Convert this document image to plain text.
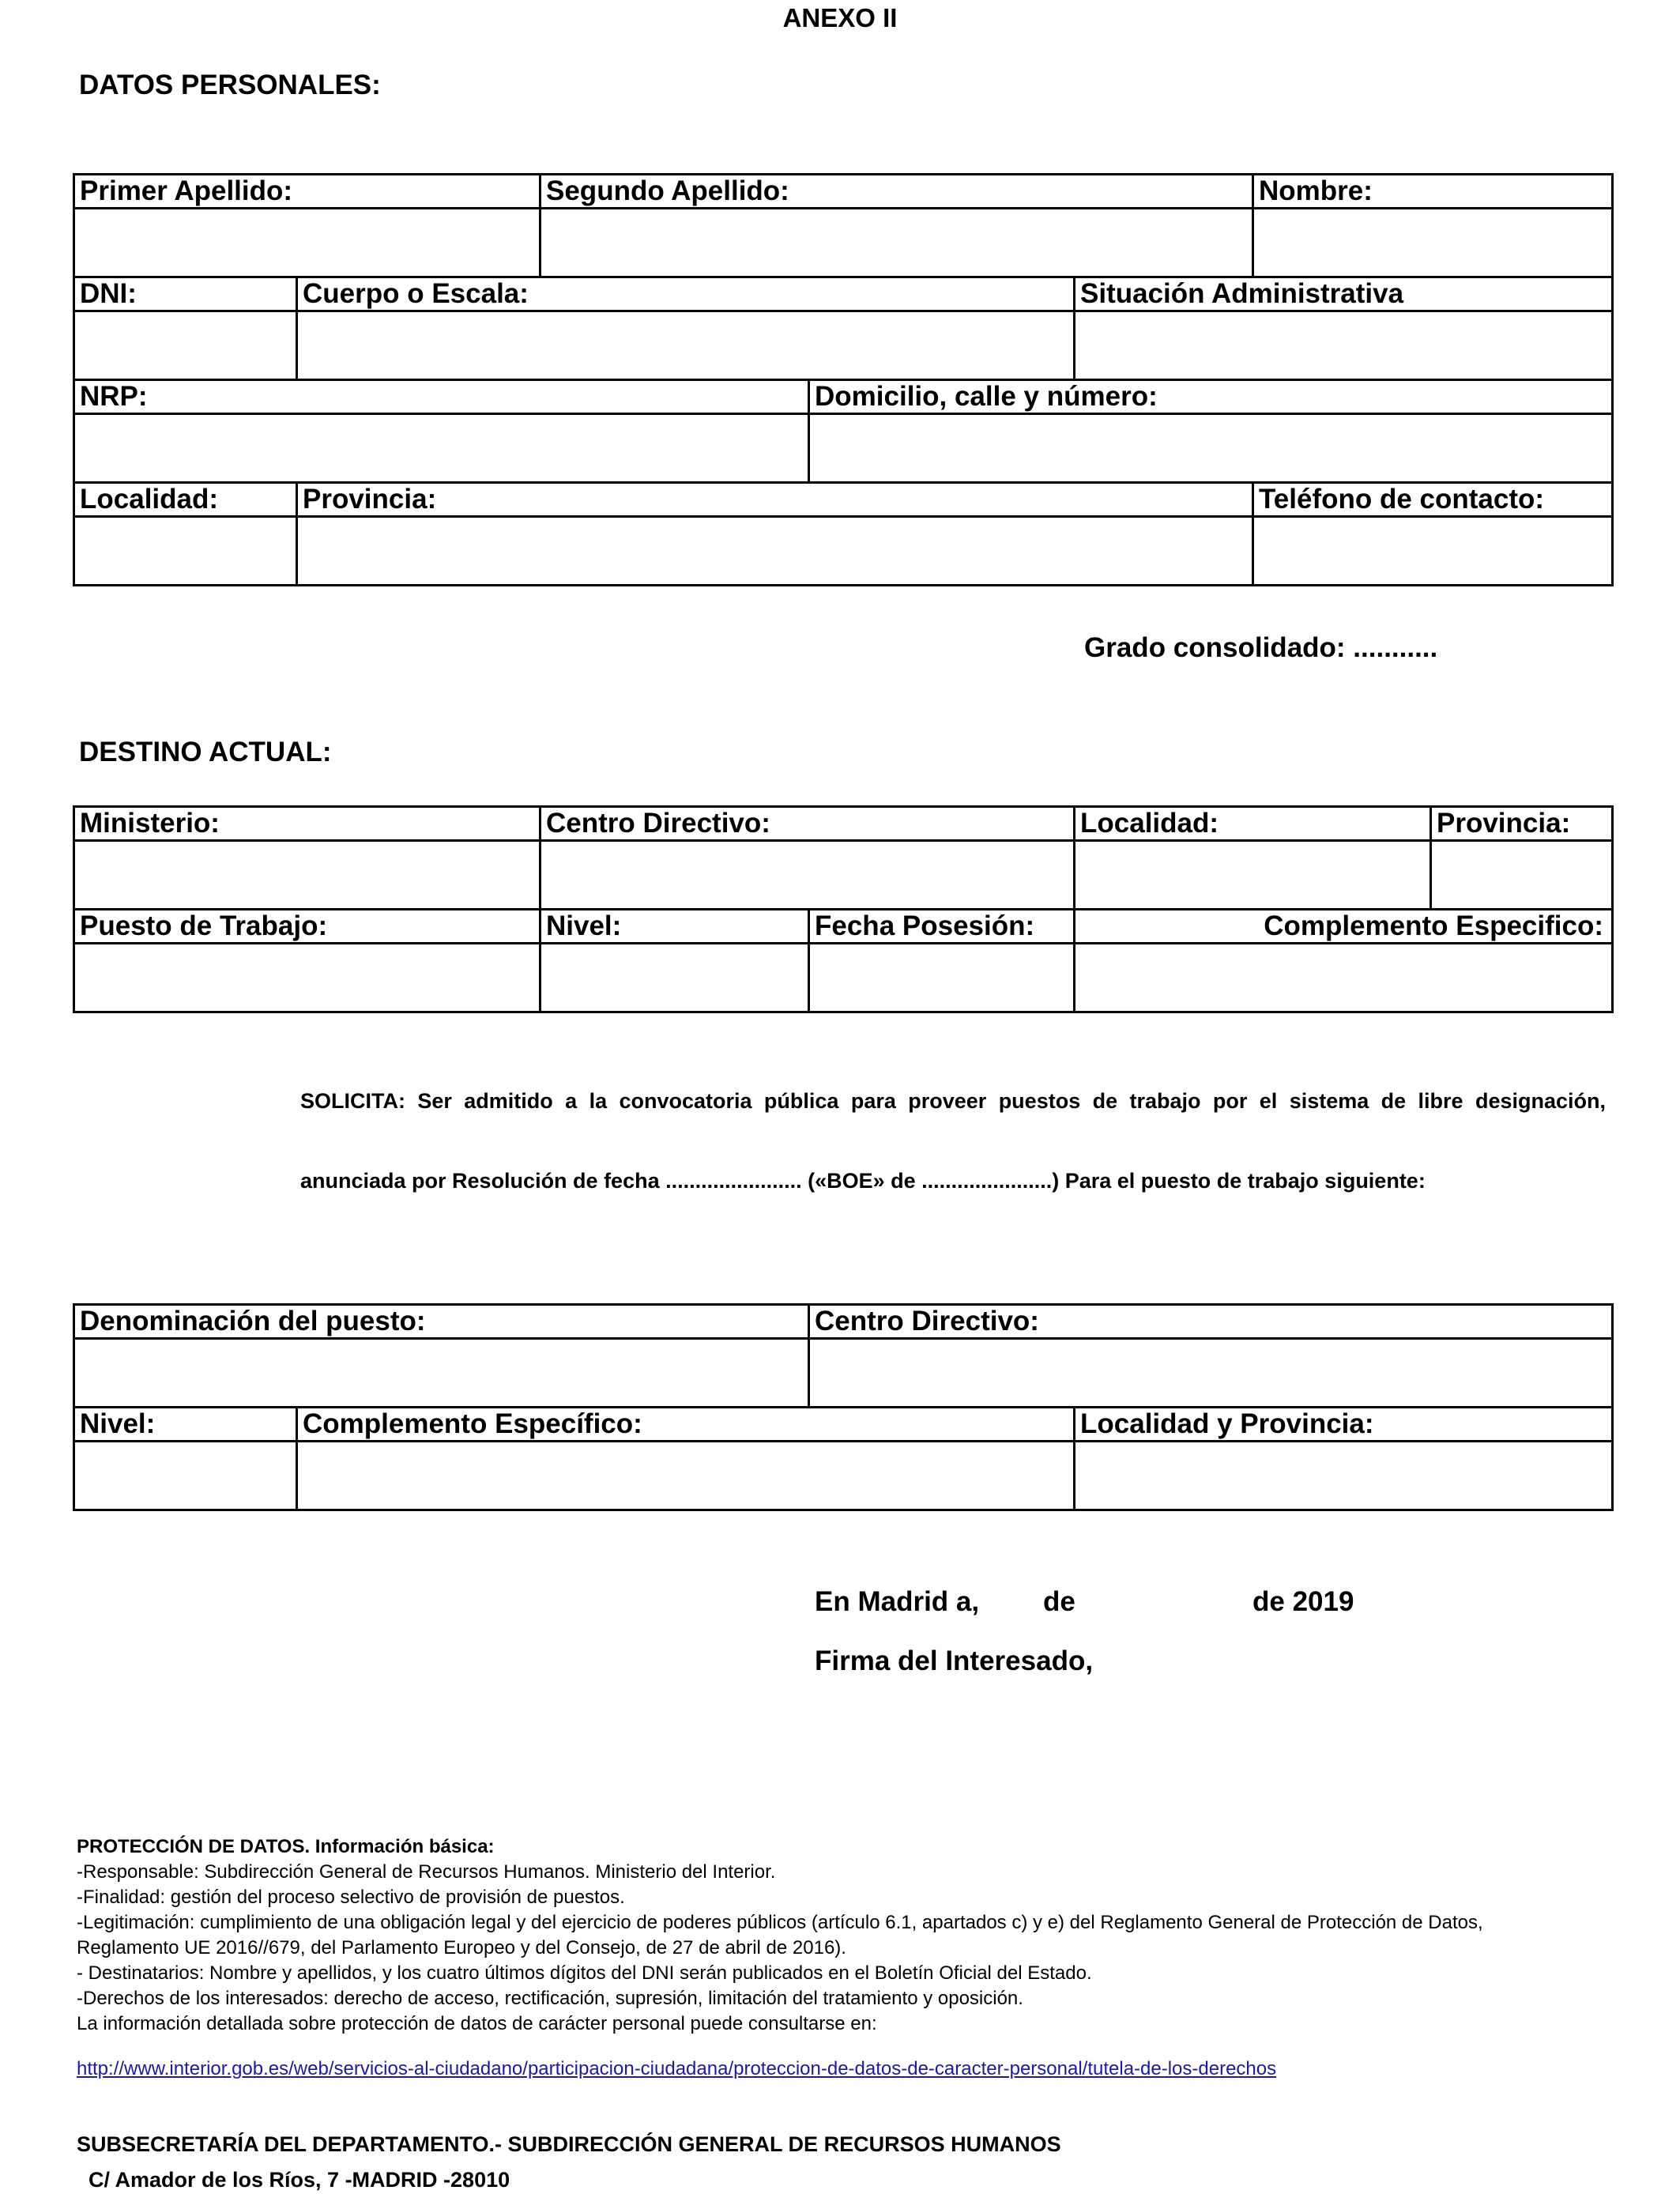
ANEXO II
DATOS PERSONALES:
Primer Apellido:		Segundo Apellido:			Nombre:

DNI:	Cuerpo o Escala:			Situación Administrativa	

NRP:			Domicilio, calle y número:		

Localidad:	Provincia:				Teléfono de contacto:

Grado consolidado: ...........
DESTINO ACTUAL:
Ministerio:	Centro Directivo:		Localidad:	Provincia:

Puesto de Trabajo:	Nivel:	Fecha Posesión:	Complemento Especifico:	

SOLICITA: Ser admitido a la convocatoria pública para proveer puestos de trabajo por el sistema de libre designación,
anunciada por Resolución de fecha ....................... («BOE» de ......................) Para el puesto de trabajo siguiente:
Denominación del puesto:		Centro Directivo:	

Nivel:	Complemento Específico:		Localidad y Provincia:

En Madrid a, de	de 2019
Firma del Interesado,
PROTECCIÓN DE DATOS. Información básica:
-Responsable: Subdirección General de Recursos Humanos. Ministerio del Interior.
-Finalidad: gestión del proceso selectivo de provisión de puestos.
-Legitimación: cumplimiento de una obligación legal y del ejercicio de poderes públicos (artículo 6.1, apartados c) y e) del Reglamento General de Protección de Datos,
Reglamento UE 2016//679, del Parlamento Europeo y del Consejo, de 27 de abril de 2016).
- Destinatarios: Nombre y apellidos, y los cuatro últimos dígitos del DNI serán publicados en el Boletín Oficial del Estado.
-Derechos de los interesados: derecho de acceso, rectificación, supresión, limitación del tratamiento y oposición.
La información detallada sobre protección de datos de carácter personal puede consultarse en:
http://www.interior.gob.es/web/servicios-al-ciudadano/participacion-ciudadana/proteccion-de-datos-de-caracter-personal/tutela-de-los-derechos
SUBSECRETARÍA DEL DEPARTAMENTO.- SUBDIRECCIÓN GENERAL DE RECURSOS HUMANOS
C/ Amador de los Ríos, 7 -MADRID -28010
